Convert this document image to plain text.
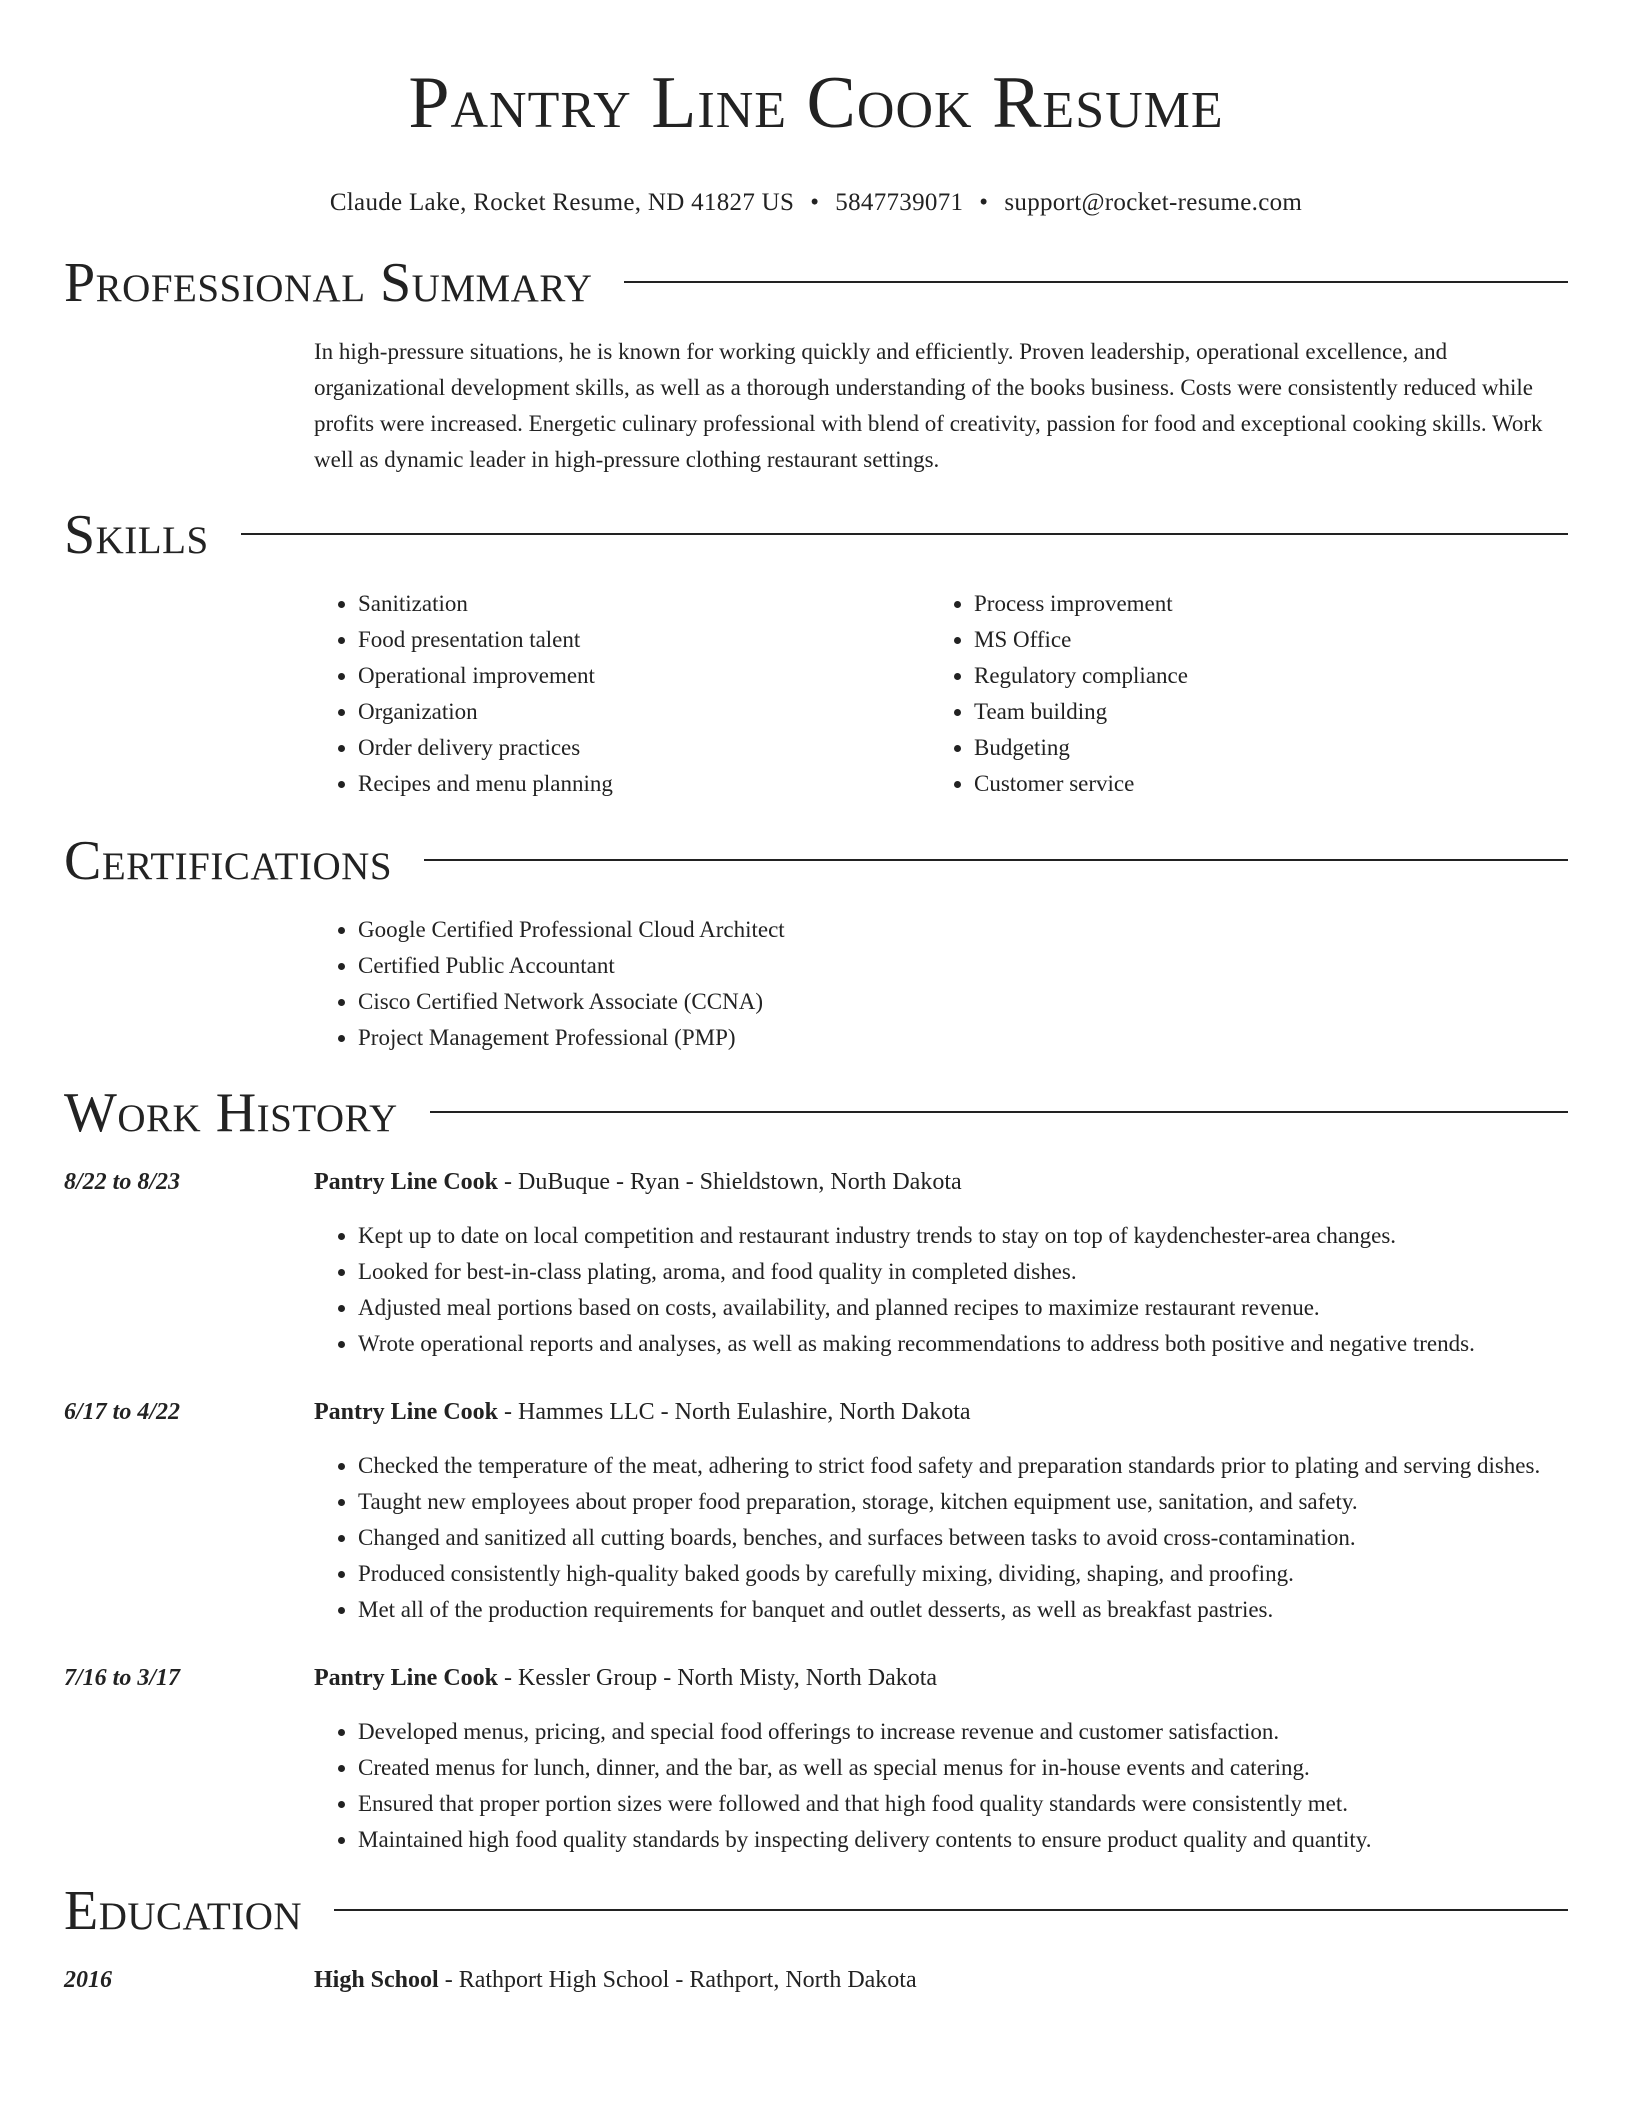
Pantry Line Cook Resume
Claude Lake, Rocket Resume, ND 41827 US • 5847739071 • support@rocket-resume.com
Professional Summary
In high-pressure situations, he is known for working quickly and efficiently. Proven leadership, operational excellence, and organizational development skills, as well as a thorough understanding of the books business. Costs were consistently reduced while profits were increased. Energetic culinary professional with blend of creativity, passion for food and exceptional cooking skills. Work well as dynamic leader in high-pressure clothing restaurant settings.
Skills
• Sanitization
• Food presentation talent
• Operational improvement
• Organization
• Order delivery practices
• Recipes and menu planning
• Process improvement
• MS Office
• Regulatory compliance
• Team building
• Budgeting
• Customer service
Certifications
• Google Certified Professional Cloud Architect
• Certified Public Accountant
• Cisco Certified Network Associate (CCNA)
• Project Management Professional (PMP)
Work History
8/22 to 8/23	Pantry Line Cook - DuBuque - Ryan - Shieldstown, North Dakota
• Kept up to date on local competition and restaurant industry trends to stay on top of kaydenchester-area changes.
• Looked for best-in-class plating, aroma, and food quality in completed dishes.
• Adjusted meal portions based on costs, availability, and planned recipes to maximize restaurant revenue.
• Wrote operational reports and analyses, as well as making recommendations to address both positive and negative trends.
6/17 to 4/22	Pantry Line Cook - Hammes LLC - North Eulashire, North Dakota
• Checked the temperature of the meat, adhering to strict food safety and preparation standards prior to plating and serving dishes.
• Taught new employees about proper food preparation, storage, kitchen equipment use, sanitation, and safety.
• Changed and sanitized all cutting boards, benches, and surfaces between tasks to avoid cross-contamination.
• Produced consistently high-quality baked goods by carefully mixing, dividing, shaping, and proofing.
• Met all of the production requirements for banquet and outlet desserts, as well as breakfast pastries.
7/16 to 3/17	Pantry Line Cook - Kessler Group - North Misty, North Dakota
• Developed menus, pricing, and special food offerings to increase revenue and customer satisfaction.
• Created menus for lunch, dinner, and the bar, as well as special menus for in-house events and catering.
• Ensured that proper portion sizes were followed and that high food quality standards were consistently met.
• Maintained high food quality standards by inspecting delivery contents to ensure product quality and quantity.
Education
2016	High School - Rathport High School - Rathport, North Dakota
